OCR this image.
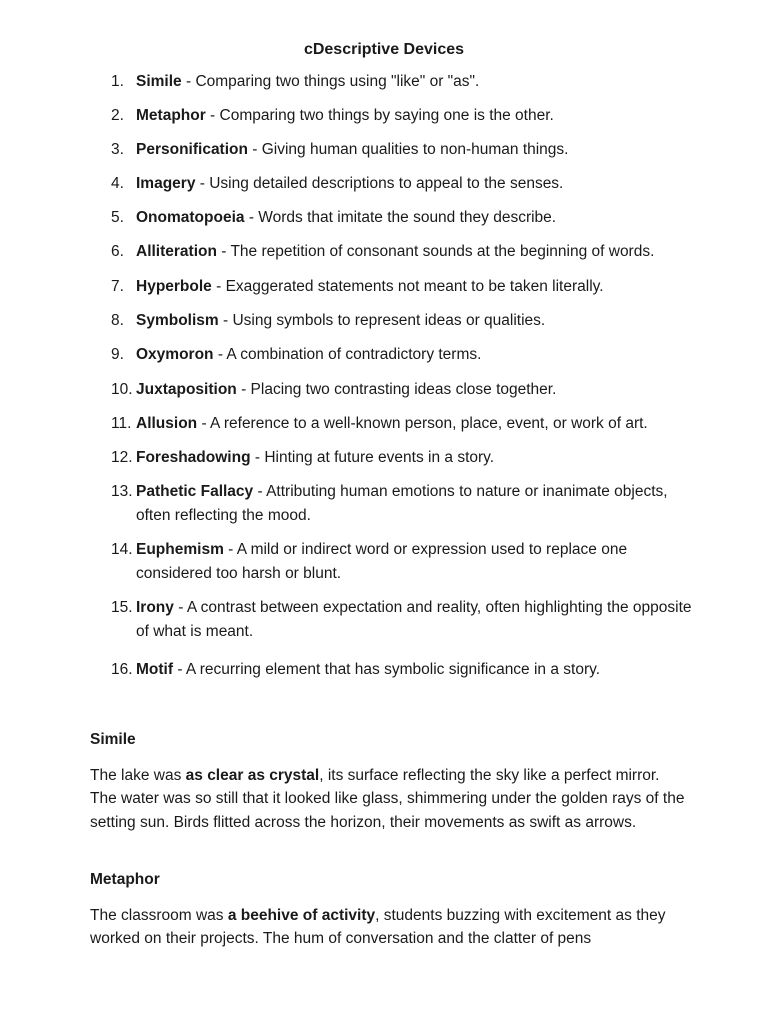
cDescriptive Devices
1. Simile - Comparing two things using "like" or "as".
2. Metaphor - Comparing two things by saying one is the other.
3. Personification - Giving human qualities to non-human things.
4. Imagery - Using detailed descriptions to appeal to the senses.
5. Onomatopoeia - Words that imitate the sound they describe.
6. Alliteration - The repetition of consonant sounds at the beginning of words.
7. Hyperbole - Exaggerated statements not meant to be taken literally.
8. Symbolism - Using symbols to represent ideas or qualities.
9. Oxymoron - A combination of contradictory terms.
10. Juxtaposition - Placing two contrasting ideas close together.
11. Allusion - A reference to a well-known person, place, event, or work of art.
12. Foreshadowing - Hinting at future events in a story.
13. Pathetic Fallacy - Attributing human emotions to nature or inanimate objects, often reflecting the mood.
14. Euphemism - A mild or indirect word or expression used to replace one considered too harsh or blunt.
15. Irony - A contrast between expectation and reality, often highlighting the opposite of what is meant.
16. Motif - A recurring element that has symbolic significance in a story.
Simile
The lake was as clear as crystal, its surface reflecting the sky like a perfect mirror. The water was so still that it looked like glass, shimmering under the golden rays of the setting sun. Birds flitted across the horizon, their movements as swift as arrows.
Metaphor
The classroom was a beehive of activity, students buzzing with excitement as they worked on their projects. The hum of conversation and the clatter of pens
